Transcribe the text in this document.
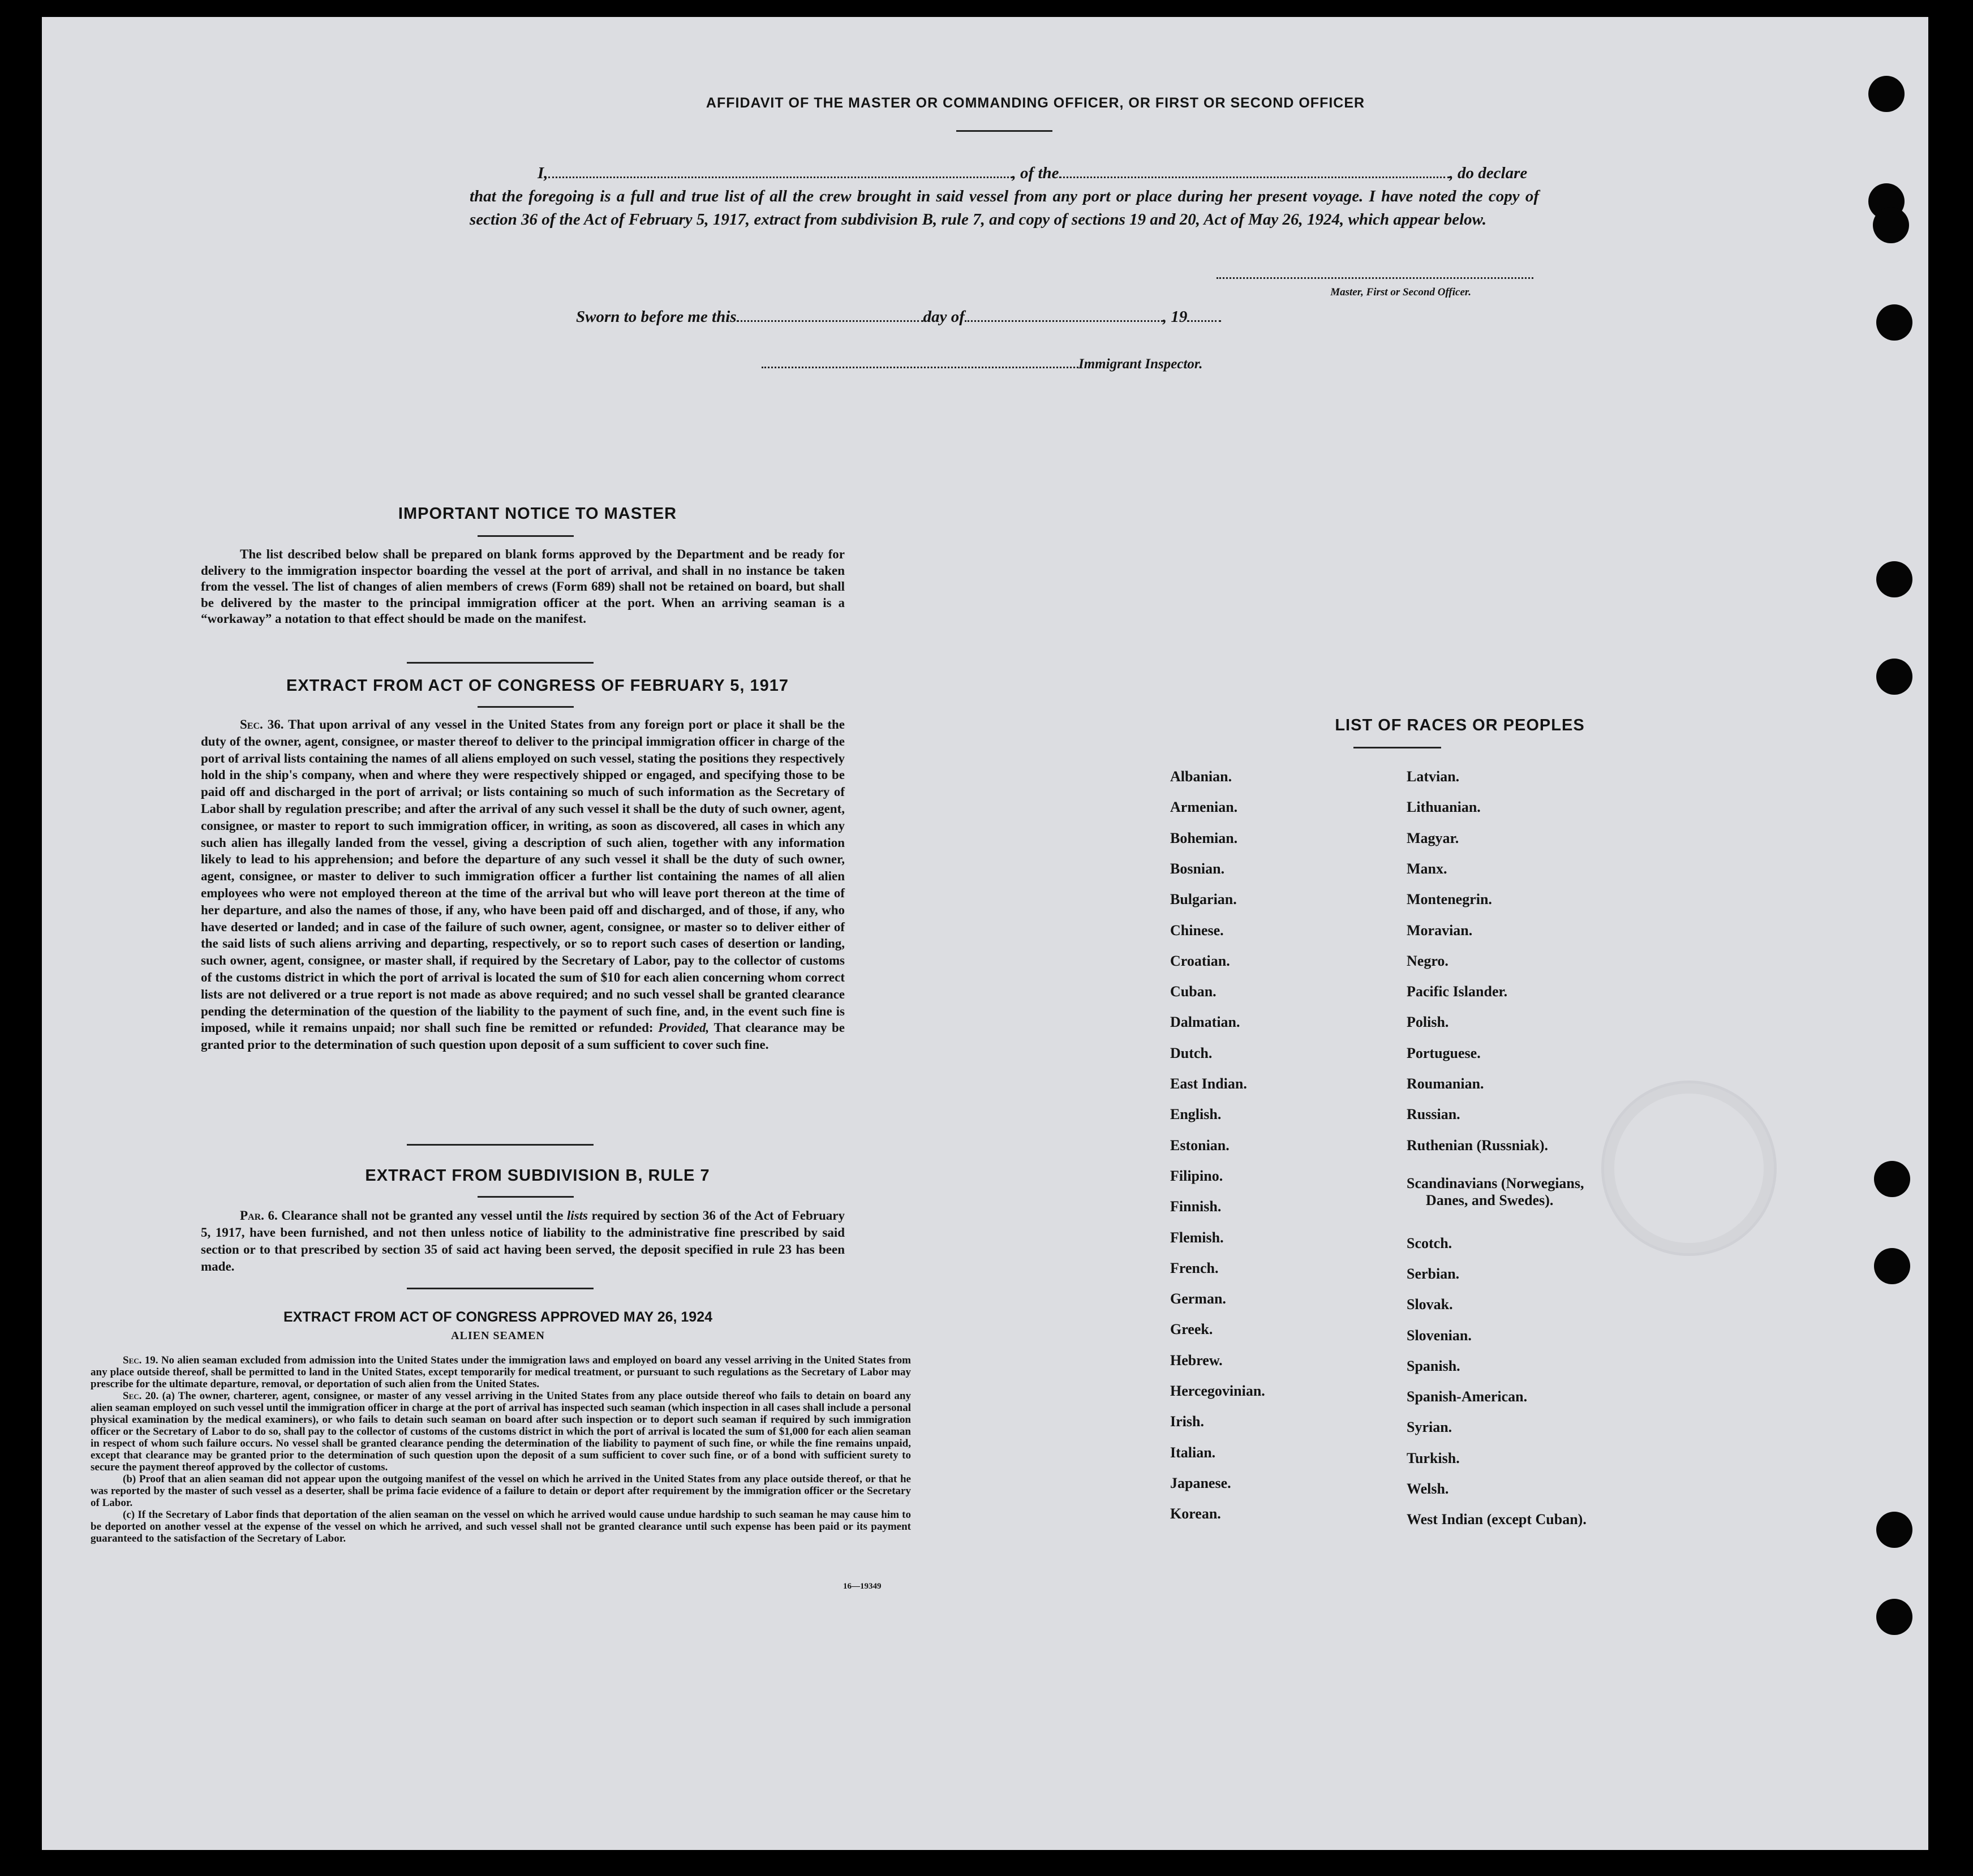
AFFIDAVIT OF THE MASTER OR COMMANDING OFFICER, OR FIRST OR SECOND OFFICER
I,	, of the	, do declare
that the foregoing is a full and true list of all the crew brought in said vessel from any port or place during her present voyage. I have noted the copy of section 36 of the Act of February 5, 1917, extract from subdivision B, rule 7, and copy of sections 19 and 20, Act of May 26, 1924, which appear below.
Master, First or Second Officer.
Sworn to before me this	day of	, 19
Immigrant Inspector.
IMPORTANT NOTICE TO MASTER
The list described below shall be prepared on blank forms approved by the Department and be ready for delivery to the immigration inspector boarding the vessel at the port of arrival, and shall in no instance be taken from the vessel. The list of changes of alien members of crews (Form 689) shall not be retained on board, but shall be delivered by the master to the principal immigration officer at the port. When an arriving seaman is a “workaway” a notation to that effect should be made on the manifest.
EXTRACT FROM ACT OF CONGRESS OF FEBRUARY 5, 1917
Sec. 36. That upon arrival of any vessel in the United States from any foreign port or place it shall be the duty of the owner, agent, consignee, or master thereof to deliver to the principal immigration officer in charge of the port of arrival lists containing the names of all aliens employed on such vessel, stating the positions they respectively hold in the ship's company, when and where they were respectively shipped or engaged, and specifying those to be paid off and discharged in the port of arrival; or lists containing so much of such information as the Secretary of Labor shall by regulation prescribe; and after the arrival of any such vessel it shall be the duty of such owner, agent, consignee, or master to report to such immigration officer, in writing, as soon as discovered, all cases in which any such alien has illegally landed from the vessel, giving a description of such alien, together with any information likely to lead to his apprehension; and before the departure of any such vessel it shall be the duty of such owner, agent, consignee, or master to deliver to such immigration officer a further list containing the names of all alien employees who were not employed thereon at the time of the arrival but who will leave port thereon at the time of her departure, and also the names of those, if any, who have been paid off and discharged, and of those, if any, who have deserted or landed; and in case of the failure of such owner, agent, consignee, or master so to deliver either of the said lists of such aliens arriving and departing, respectively, or so to report such cases of desertion or landing, such owner, agent, consignee, or master shall, if required by the Secretary of Labor, pay to the collector of customs of the customs district in which the port of arrival is located the sum of $10 for each alien concerning whom correct lists are not delivered or a true report is not made as above required; and no such vessel shall be granted clearance pending the determination of the question of the liability to the payment of such fine, and, in the event such fine is imposed, while it remains unpaid; nor shall such fine be remitted or refunded: Provided, That clearance may be granted prior to the determination of such question upon deposit of a sum sufficient to cover such fine.
EXTRACT FROM SUBDIVISION B, RULE 7
Par. 6. Clearance shall not be granted any vessel until the lists required by section 36 of the Act of February 5, 1917, have been furnished, and not then unless notice of liability to the administrative fine prescribed by said section or to that prescribed by section 35 of said act having been served, the deposit specified in rule 23 has been made.
EXTRACT FROM ACT OF CONGRESS APPROVED MAY 26, 1924
ALIEN SEAMEN
Sec. 19. No alien seaman excluded from admission into the United States under the immigration laws and employed on board any vessel arriving in the United States from any place outside thereof, shall be permitted to land in the United States, except temporarily for medical treatment, or pursuant to such regulations as the Secretary of Labor may prescribe for the ultimate departure, removal, or deportation of such alien from the United States.
Sec. 20. (a) The owner, charterer, agent, consignee, or master of any vessel arriving in the United States from any place outside thereof who fails to detain on board any alien seaman employed on such vessel until the immigration officer in charge at the port of arrival has inspected such seaman (which inspection in all cases shall include a personal physical examination by the medical examiners), or who fails to detain such seaman on board after such inspection or to deport such seaman if required by such immigration officer or the Secretary of Labor to do so, shall pay to the collector of customs of the customs district in which the port of arrival is located the sum of $1,000 for each alien seaman in respect of whom such failure occurs. No vessel shall be granted clearance pending the determination of the liability to payment of such fine, or while the fine remains unpaid, except that clearance may be granted prior to the determination of such question upon the deposit of a sum sufficient to cover such fine, or of a bond with sufficient surety to secure the payment thereof approved by the collector of customs.
(b) Proof that an alien seaman did not appear upon the outgoing manifest of the vessel on which he arrived in the United States from any place outside thereof, or that he was reported by the master of such vessel as a deserter, shall be prima facie evidence of a failure to detain or deport after requirement by the immigration officer or the Secretary of Labor.
(c) If the Secretary of Labor finds that deportation of the alien seaman on the vessel on which he arrived would cause undue hardship to such seaman he may cause him to be deported on another vessel at the expense of the vessel on which he arrived, and such vessel shall not be granted clearance until such expense has been paid or its payment guaranteed to the satisfaction of the Secretary of Labor.
16—19349
LIST OF RACES OR PEOPLES
Albanian.
Armenian.
Bohemian.
Bosnian.
Bulgarian.
Chinese.
Croatian.
Cuban.
Dalmatian.
Dutch.
East Indian.
English.
Estonian.
Filipino.
Finnish.
Flemish.
French.
German.
Greek.
Hebrew.
Hercegovinian.
Irish.
Italian.
Japanese.
Korean.
Latvian.
Lithuanian.
Magyar.
Manx.
Montenegrin.
Moravian.
Negro.
Pacific Islander.
Polish.
Portuguese.
Roumanian.
Russian.
Ruthenian (Russniak).
Scandinavians (Norwegians,
Danes, and Swedes).
Scotch.
Serbian.
Slovak.
Slovenian.
Spanish.
Spanish-American.
Syrian.
Turkish.
Welsh.
West Indian (except Cuban).
